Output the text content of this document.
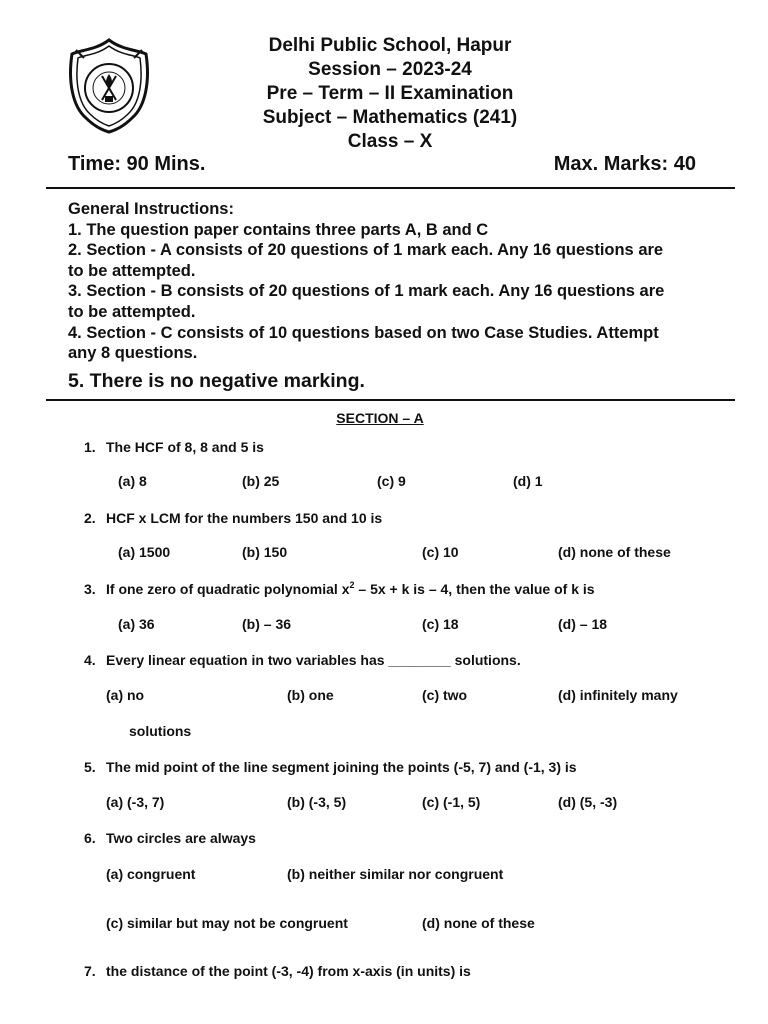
Delhi Public School, Hapur
Session – 2023-24
Pre – Term – II Examination
Subject – Mathematics (241)
Class – X
Time: 90 Mins.	Max. Marks: 40
General Instructions:
1. The question paper contains three parts A, B and C
2. Section - A consists of 20 questions of 1 mark each. Any 16 questions are
to be attempted.
3. Section - B consists of 20 questions of 1 mark each. Any 16 questions are
to be attempted.
4. Section - C consists of 10 questions based on two Case Studies. Attempt
any 8 questions.
5. There is no negative marking.
SECTION – A
1. The HCF of 8, 8 and 5 is
(a) 8	(b) 25	(c) 9	(d) 1
2. HCF x LCM for the numbers 150 and 10 is
(a) 1500	(b) 150	(c) 10	(d) none of these
3. If one zero of quadratic polynomial $x^2 - 5x + k$ is – 4, then the value of k is
(a) 36	(b) – 36	(c) 18	(d) – 18
4. Every linear equation in two variables has ________ solutions.
(a) no	(b) one	(c) two	(d) infinitely many
solutions
5. The mid point of the line segment joining the points (-5, 7) and (-1, 3) is
(a) (-3, 7)	(b) (-3, 5)	(c) (-1, 5)	(d) (5, -3)
6. Two circles are always
(a) congruent	(b) neither similar nor congruent
(c) similar but may not be congruent	(d) none of these
7. the distance of the point (-3, -4) from x-axis (in units) is
